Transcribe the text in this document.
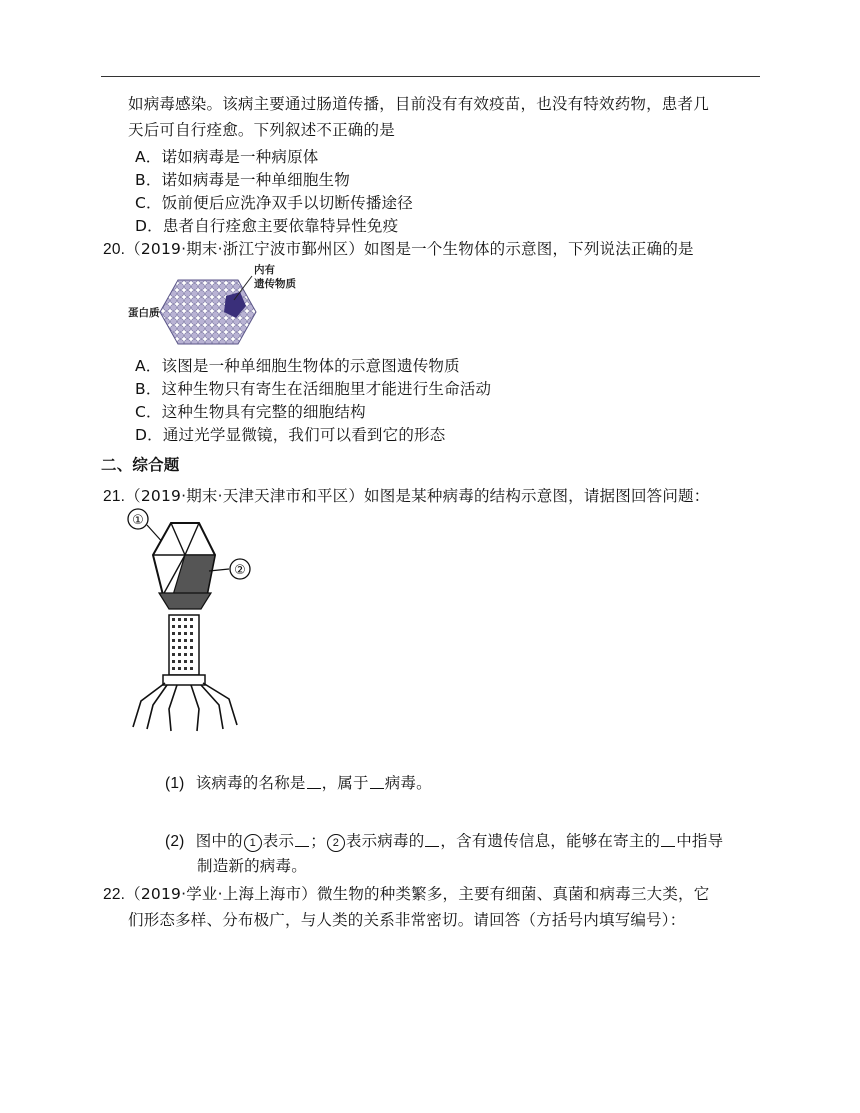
如病毒感染。该病主要通过肠道传播，目前没有有效疫苗，也没有特效药物，患者几
天后可自行痊愈。下列叙述不正确的是
A．诺如病毒是一种病原体
B．诺如病毒是一种单细胞生物
C．饭前便后应洗净双手以切断传播途径
D．患者自行痊愈主要依靠特异性免疫
20.（2019·期末·浙江宁波市鄞州区）如图是一个生物体的示意图，下列说法正确的是
内有
遗传物质
蛋白质
A．该图是一种单细胞生物体的示意图遗传物质
B．这种生物只有寄生在活细胞里才能进行生命活动
C．这种生物具有完整的细胞结构
D．通过光学显微镜，我们可以看到它的形态
二、综合题
21.（2019·期末·天津天津市和平区）如图是某种病毒的结构示意图，请据图回答问题：
①
②
(1) 该病毒的名称是 ，属于 病毒。
(2) 图中的 1 表示 ； 2 表示病毒的 ，含有遗传信息，能够在寄主的 中指导
制造新的病毒。
22.（2019·学业·上海上海市）微生物的种类繁多，主要有细菌、真菌和病毒三大类，它
们形态多样、分布极广，与人类的关系非常密切。请回答（方括号内填写编号）：
